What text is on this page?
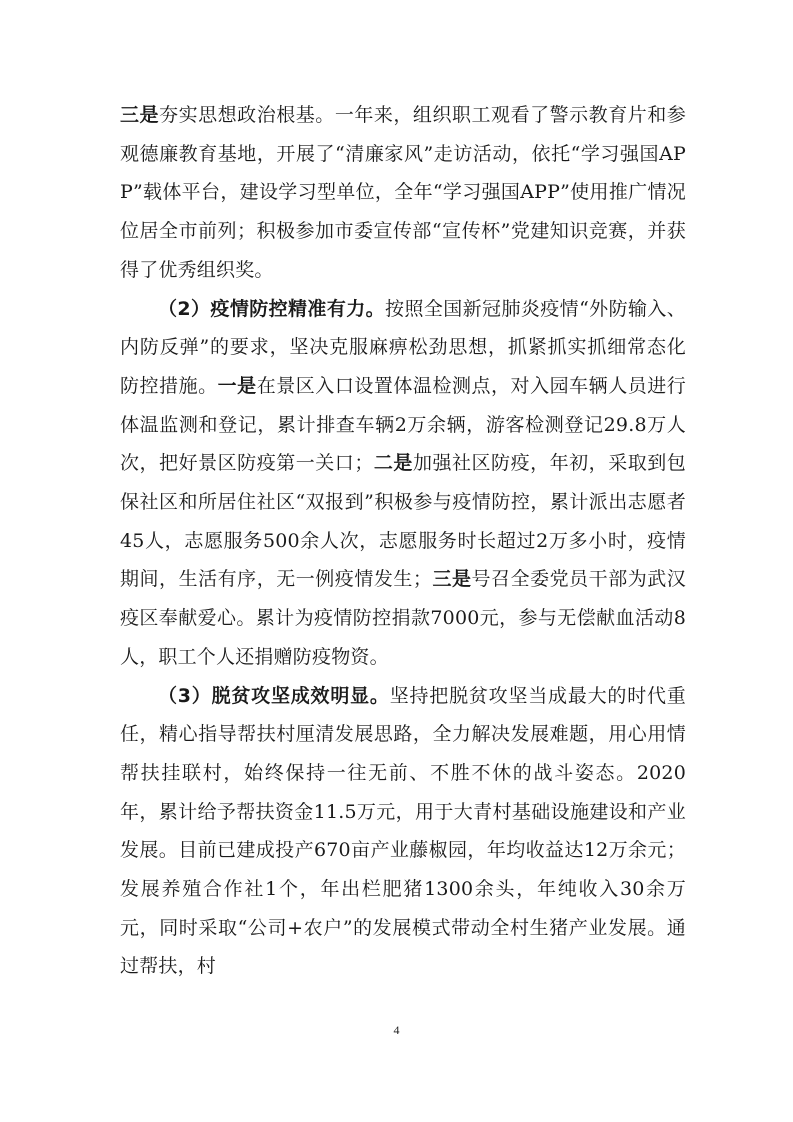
三是夯实思想政治根基。一年来，组织职工观看了警示教育片和参观德廉教育基地，开展了“清廉家风”走访活动，依托“学习强国APP”载体平台，建设学习型单位，全年“学习强国APP”使用推广情况位居全市前列；积极参加市委宣传部“宣传杯”党建知识竞赛，并获得了优秀组织奖。

（2）疫情防控精准有力。按照全国新冠肺炎疫情“外防输入、内防反弹”的要求，坚决克服麻痹松劲思想，抓紧抓实抓细常态化防控措施。一是在景区入口设置体温检测点，对入园车辆人员进行体温监测和登记，累计排查车辆2万余辆，游客检测登记29.8万人次，把好景区防疫第一关口；二是加强社区防疫，年初，采取到包保社区和所居住社区“双报到”积极参与疫情防控，累计派出志愿者45人，志愿服务500余人次，志愿服务时长超过2万多小时，疫情期间，生活有序，无一例疫情发生；三是号召全委党员干部为武汉疫区奉献爱心。累计为疫情防控捐款7000元，参与无偿献血活动8人，职工个人还捐赠防疫物资。

（3）脱贫攻坚成效明显。坚持把脱贫攻坚当成最大的时代重任，精心指导帮扶村厘清发展思路，全力解决发展难题，用心用情帮扶挂联村，始终保持一往无前、不胜不休的战斗姿态。2020年，累计给予帮扶资金11.5万元，用于大青村基础设施建设和产业发展。目前已建成投产670亩产业藤椒园，年均收益达12万余元；发展养殖合作社1个，年出栏肥猪1300余头，年纯收入30余万元，同时采取“公司+农户”的发展模式带动全村生猪产业发展。通过帮扶，村

4
